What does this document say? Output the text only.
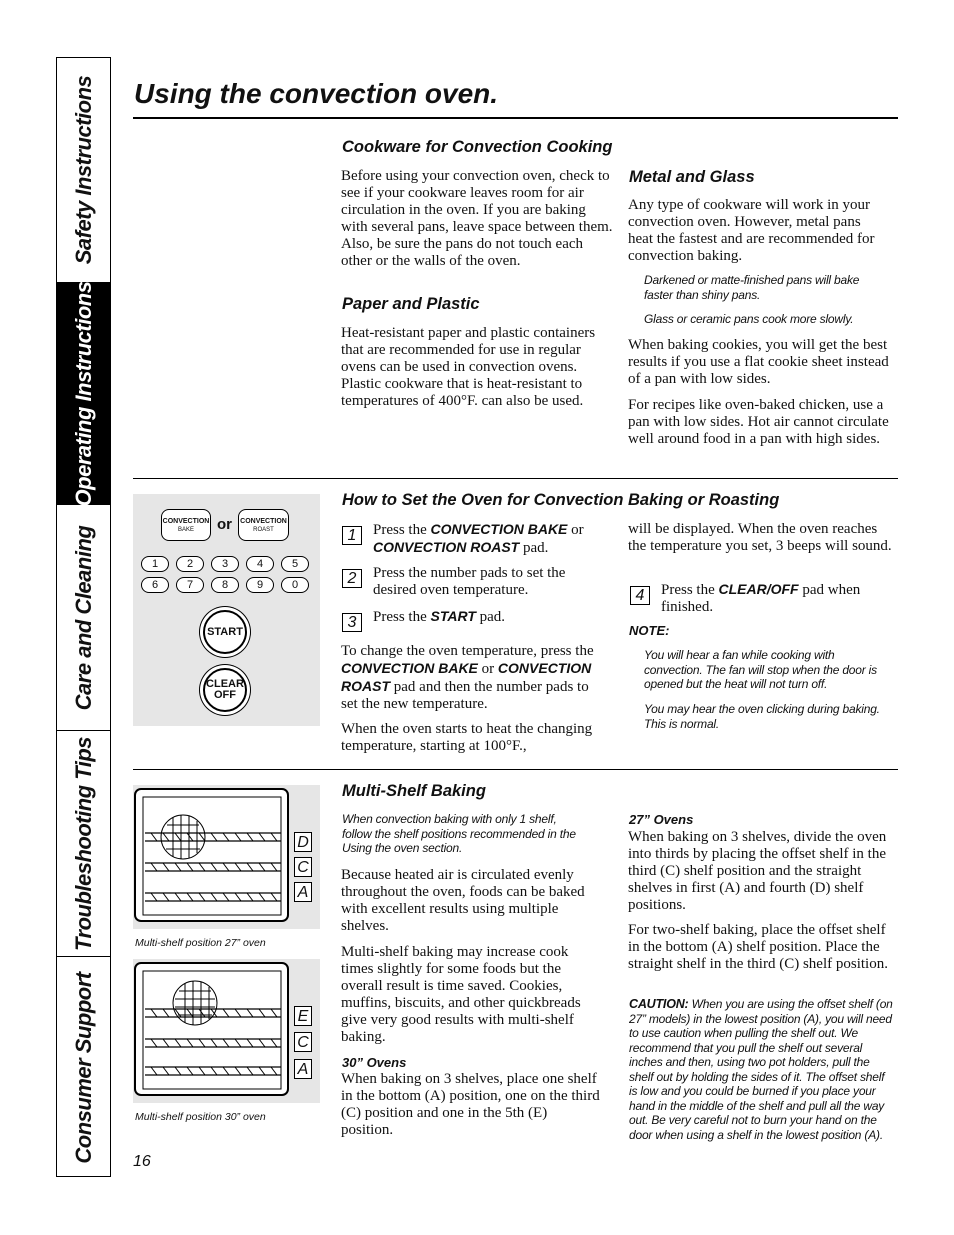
Safety Instructions
Operating Instructions
Care and Cleaning
Troubleshooting Tips
Consumer Support
Using the convection oven.
Cookware for Convection Cooking
Before using your convection oven, check to see if your cookware leaves room for air circulation in the oven. If you are baking with several pans, leave space between them. Also, be sure the pans do not touch each other or the walls of the oven.
Paper and Plastic
Heat-resistant paper and plastic containers that are recommended for use in regular ovens can be used in convection ovens. Plastic cookware that is heat-resistant to temperatures of 400°F. can also be used.
Metal and Glass
Any type of cookware will work in your convection oven. However, metal pans heat the fastest and are recommended for convection baking.
Darkened or matte-finished pans will bake faster than shiny pans.
Glass or ceramic pans cook more slowly.
When baking cookies, you will get the best results if you use a flat cookie sheet instead of a pan with low sides.
For recipes like oven-baked chicken, use a pan with low sides. Hot air cannot circulate well around food in a pan with high sides.
CONVECTION
BAKE	or CONVECTION
ROAST
1	2	3	4	5
6	7	8	9	0
START
CLEAR
OFF
How to Set the Oven for Convection Baking or Roasting
1	Press the CONVECTION BAKE or CONVECTION ROAST pad.
2	Press the number pads to set the desired oven temperature.
3	Press the START pad.
To change the oven temperature, press the CONVECTION BAKE or CONVECTION ROAST pad and then the number pads to set the new temperature.
When the oven starts to heat the changing temperature, starting at 100°F.,
will be displayed. When the oven reaches the temperature you set, 3 beeps will sound.
4	Press the CLEAR/OFF pad when finished.
NOTE:
You will hear a fan while cooking with convection. The fan will stop when the door is opened but the heat will not turn off.
You may hear the oven clicking during baking. This is normal.
D
C
A
Multi-shelf position 27” oven
E
C
A
Multi-shelf position 30” oven
Multi-Shelf Baking
When convection baking with only 1 shelf, follow the shelf positions recommended in the Using the oven section.
Because heated air is circulated evenly throughout the oven, foods can be baked with excellent results using multiple shelves.
Multi-shelf baking may increase cook times slightly for some foods but the overall result is time saved. Cookies, muffins, biscuits, and other quickbreads give very good results with multi-shelf baking.
30” Ovens
When baking on 3 shelves, place one shelf in the bottom (A) position, one on the third (C) position and one in the 5th (E) position.
27” Ovens
When baking on 3 shelves, divide the oven into thirds by placing the offset shelf in the third (C) shelf position and the straight shelves in first (A) and fourth (D) shelf positions.
For two-shelf baking, place the offset shelf in the bottom (A) shelf position. Place the straight shelf in the third (C) shelf position.
CAUTION: When you are using the offset shelf (on 27” models) in the lowest position (A), you will need to use caution when pulling the shelf out. We recommend that you pull the shelf out several inches and then, using two pot holders, pull the shelf out by holding the sides of it. The offset shelf is low and you could be burned if you place your hand in the middle of the shelf and pull all the way out. Be very careful not to burn your hand on the door when using a shelf in the lowest position (A).
16
